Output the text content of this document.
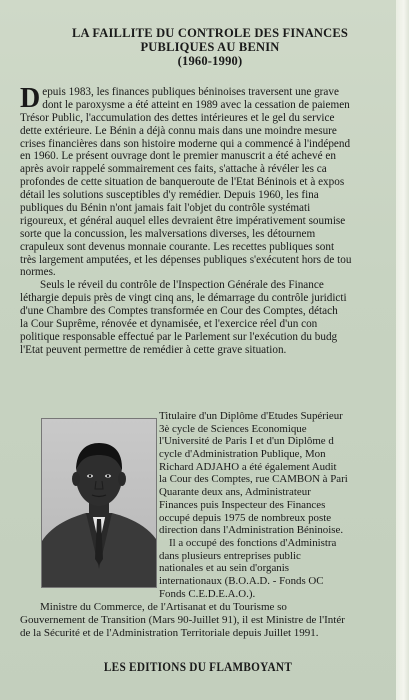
LA FAILLITE DU CONTROLE DES FINANCES
PUBLIQUES AU BENIN
(1960-1990)
Depuis 1983, les finances publiques béninoises traversent une grave
dont le paroxysme a été atteint en 1989 avec la cessation de paiemen
Trésor Public, l'accumulation des dettes intérieures et le gel du service
dette extérieure. Le Bénin a déjà connu mais dans une moindre mesure
crises financières dans son histoire moderne qui a commencé à l'indépend
en 1960. Le présent ouvrage dont le premier manuscrit a été achevé en
après avoir rappelé sommairement ces faits, s'attache à révéler les ca
profondes de cette situation de banqueroute de l'Etat Béninois et à expos
détail les solutions susceptibles d'y remédier. Depuis 1960, les fina
publiques du Bénin n'ont jamais fait l'objet du contrôle systémati
rigoureux, et général auquel elles devraient être impérativement soumise
sorte que la concussion, les malversations diverses, les détournem
crapuleux sont devenus monnaie courante. Les recettes publiques sont
très largement amputées, et les dépenses publiques s'exécutent hors de tou
normes.
Seuls le réveil du contrôle de l'Inspection Générale des Finance
léthargie depuis près de vingt cinq ans, le démarrage du contrôle juridicti
d'une Chambre des Comptes transformée en Cour des Comptes, détach
la Cour Suprême, rénovée et dynamisée, et l'exercice réel d'un con
politique responsable effectué par le Parlement sur l'exécution du budg
l'Etat peuvent permettre de remédier à cette grave situation.
Titulaire d'un Diplôme d'Etudes Supérieur
3è cycle de Sciences Economique
l'Université de Paris I et d'un Diplôme d
cycle d'Administration Publique, Mon
Richard ADJAHO a été également Audit
la Cour des Comptes, rue CAMBON à Pari
Quarante deux ans, Administrateur
Finances puis Inspecteur des Finances
occupé depuis 1975 de nombreux poste
direction dans l'Administration Béninoise.
Il a occupé des fonctions d'Administra
dans plusieurs entreprises public
nationales et au sein d'organis
internationaux (B.O.A.D. - Fonds OC
Fonds C.E.D.E.A.O.).
Ministre du Commerce, de l'Artisanat et du Tourisme so
Gouvernement de Transition (Mars 90-Juillet 91), il est Ministre de l'Intér
de la Sécurité et de l'Administration Territoriale depuis Juillet 1991.
LES EDITIONS DU FLAMBOYANT
